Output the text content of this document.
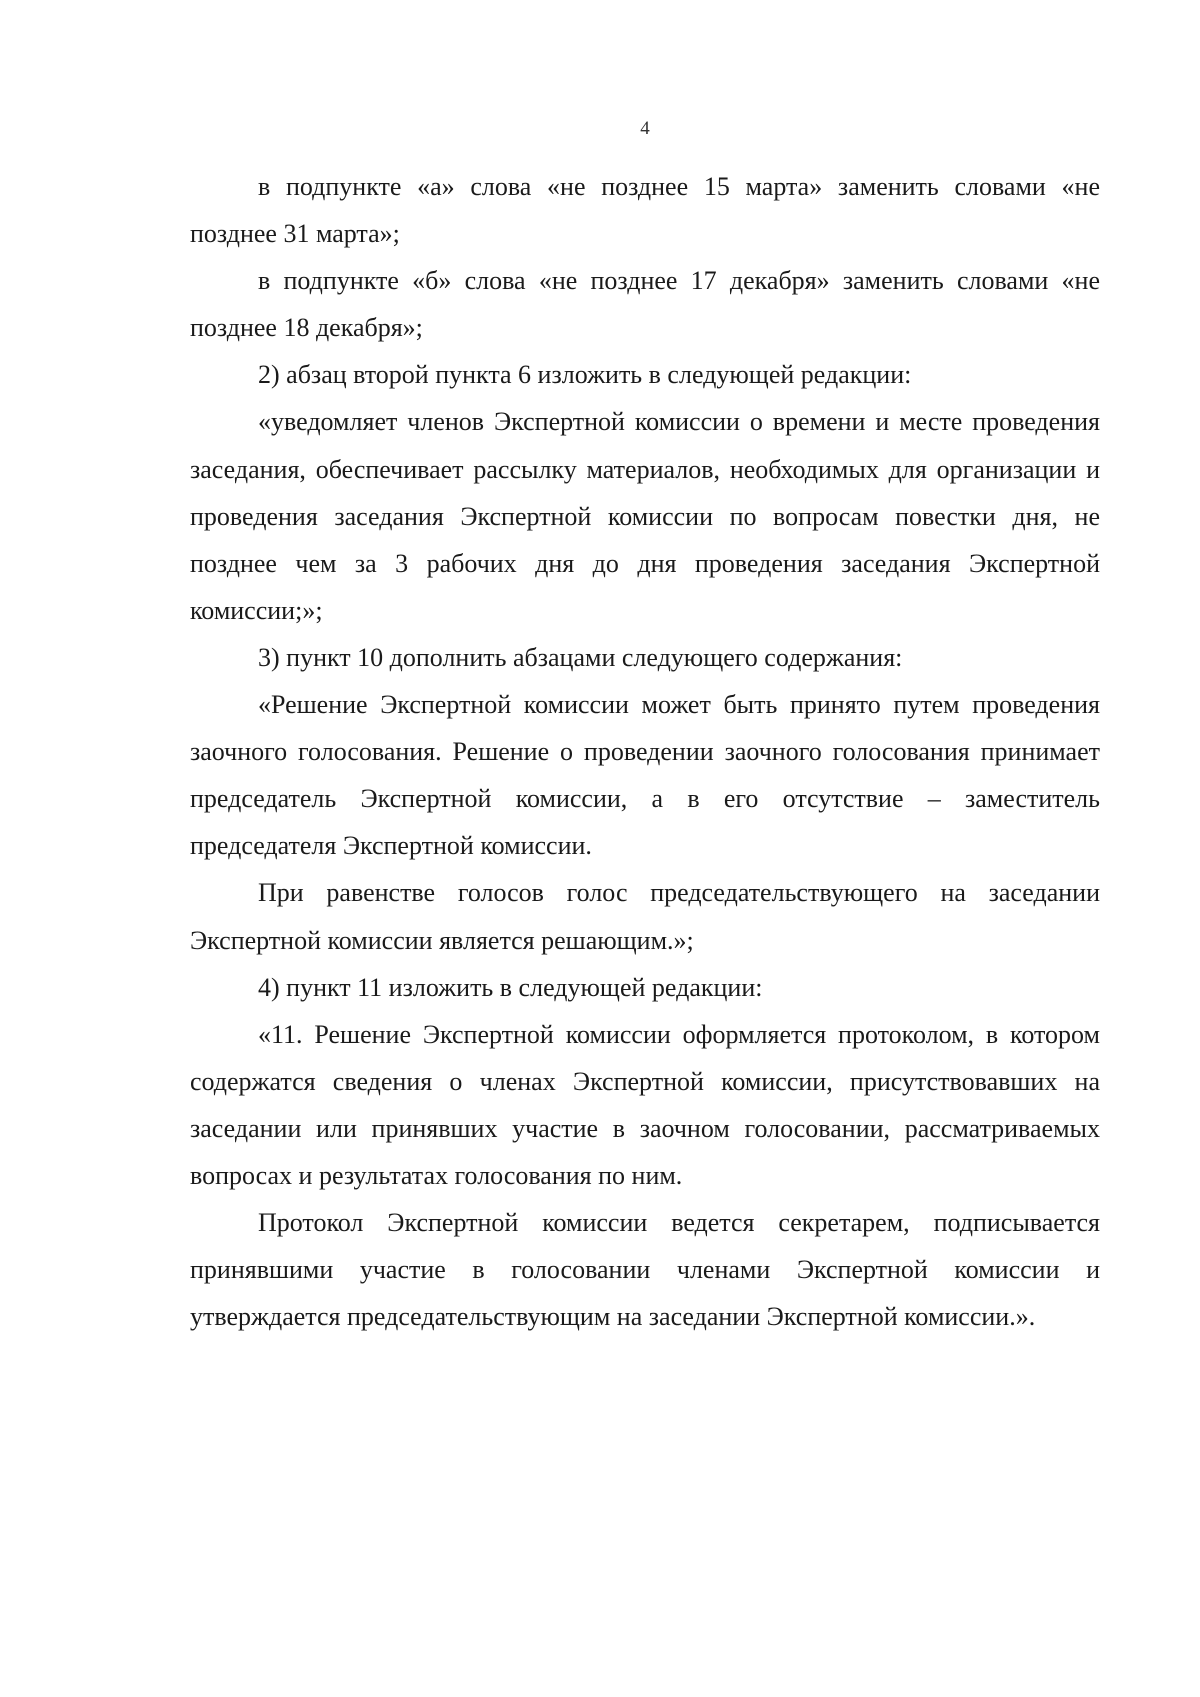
4

в подпункте «а» слова «не позднее 15 марта» заменить словами «не позднее 31 марта»;

в подпункте «б» слова «не позднее 17 декабря» заменить словами «не позднее 18 декабря»;

2) абзац второй пункта 6 изложить в следующей редакции:

«уведомляет членов Экспертной комиссии о времени и месте проведения заседания, обеспечивает рассылку материалов, необходимых для организации и проведения заседания Экспертной комиссии по вопросам повестки дня, не позднее чем за 3 рабочих дня до дня проведения заседания Экспертной комиссии;»;

3) пункт 10 дополнить абзацами следующего содержания:

«Решение Экспертной комиссии может быть принято путем проведения заочного голосования. Решение о проведении заочного голосования принимает председатель Экспертной комиссии, а в его отсутствие – заместитель председателя Экспертной комиссии.

При равенстве голосов голос председательствующего на заседании Экспертной комиссии является решающим.»;

4) пункт 11 изложить в следующей редакции:

«11. Решение Экспертной комиссии оформляется протоколом, в котором содержатся сведения о членах Экспертной комиссии, присутствовавших на заседании или принявших участие в заочном голосовании, рассматриваемых вопросах и результатах голосования по ним.

Протокол Экспертной комиссии ведется секретарем, подписывается принявшими участие в голосовании членами Экспертной комиссии и утверждается председательствующим на заседании Экспертной комиссии.».
